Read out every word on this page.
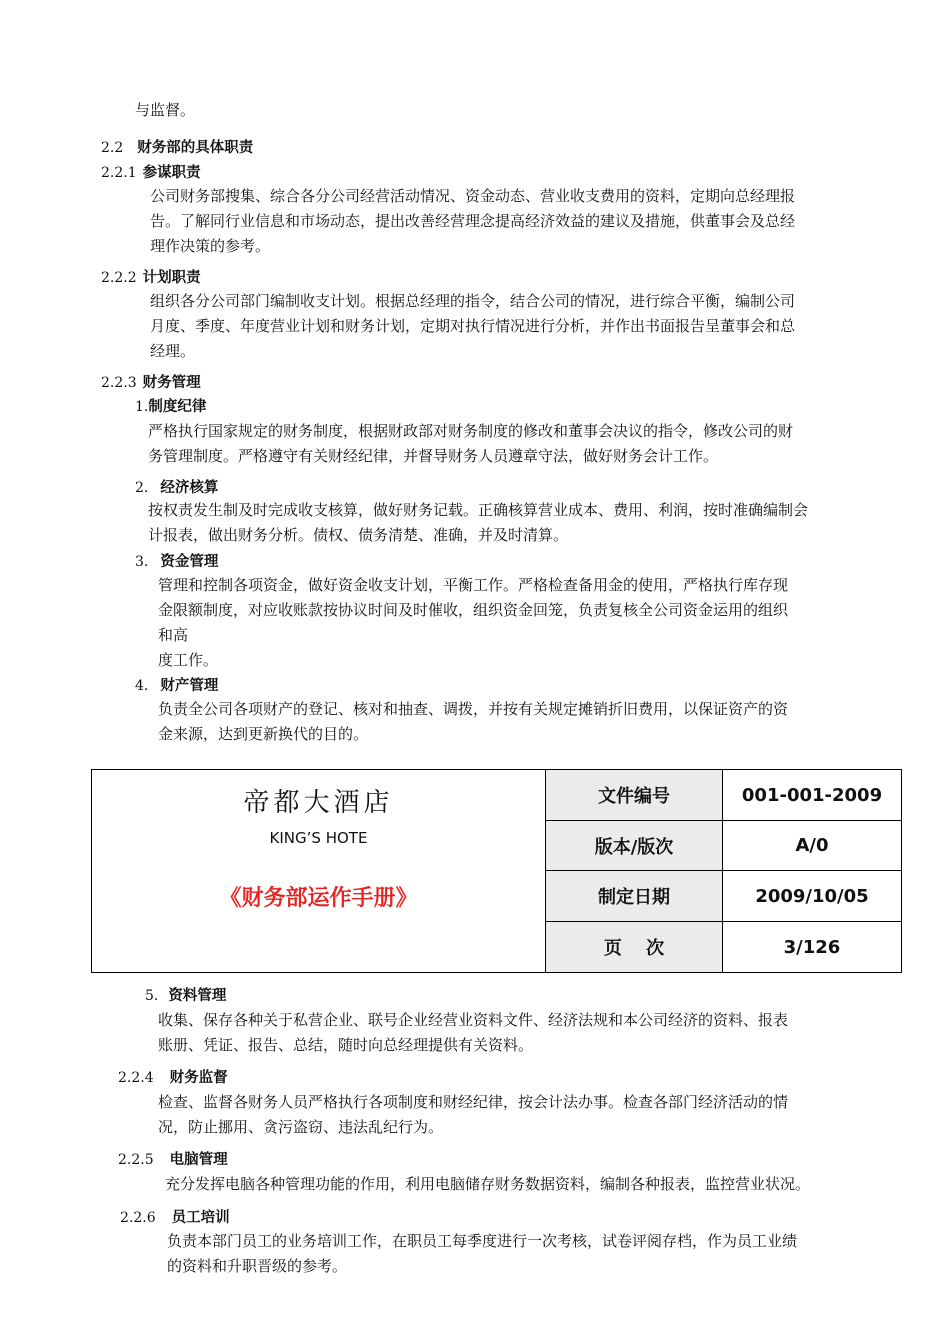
与监督。
2.2 财务部的具体职责
2.2.1 参谋职责
公司财务部搜集、综合各分公司经营活动情况、资金动态、营业收支费用的资料，定期向总经理报
告。了解同行业信息和市场动态，提出改善经营理念提高经济效益的建议及措施，供董事会及总经
理作决策的参考。
2.2.2 计划职责
组织各分公司部门编制收支计划。根据总经理的指令，结合公司的情况，进行综合平衡，编制公司
月度、季度、年度营业计划和财务计划，定期对执行情况进行分析，并作出书面报告呈董事会和总
经理。
2.2.3 财务管理
1.制度纪律
严格执行国家规定的财务制度，根据财政部对财务制度的修改和董事会决议的指令，修改公司的财
务管理制度。严格遵守有关财经纪律，并督导财务人员遵章守法，做好财务会计工作。
2. 经济核算
按权责发生制及时完成收支核算，做好财务记载。正确核算营业成本、费用、利润，按时准确编制会
计报表，做出财务分析。债权、债务清楚、准确，并及时清算。
3. 资金管理
管理和控制各项资金，做好资金收支计划，平衡工作。严格检查备用金的使用，严格执行库存现
金限额制度，对应收账款按协议时间及时催收，组织资金回笼，负责复核全公司资金运用的组织
和高
度工作。
4. 财产管理
负责全公司各项财产的登记、核对和抽查、调拨，并按有关规定摊销折旧费用，以保证资产的资
金来源，达到更新换代的目的。
帝都大酒店
KING’S HOTE
《财务部运作手册》	文件编号	001-001-2009
	版本/版次	A/0
	制定日期	2009/10/05
	页　 次	3/126
5. 资料管理
收集、保存各种关于私营企业、联号企业经营业资料文件、经济法规和本公司经济的资料、报表
账册、凭证、报告、总结，随时向总经理提供有关资料。
2.2.4 财务监督
检查、监督各财务人员严格执行各项制度和财经纪律，按会计法办事。检查各部门经济活动的情
况，防止挪用、贪污盗窃、违法乱纪行为。
2.2.5 电脑管理
充分发挥电脑各种管理功能的作用，利用电脑储存财务数据资料，编制各种报表，监控营业状况。
2.2.6 员工培训
负责本部门员工的业务培训工作，在职员工每季度进行一次考核，试卷评阅存档，作为员工业绩
的资料和升职晋级的参考。
